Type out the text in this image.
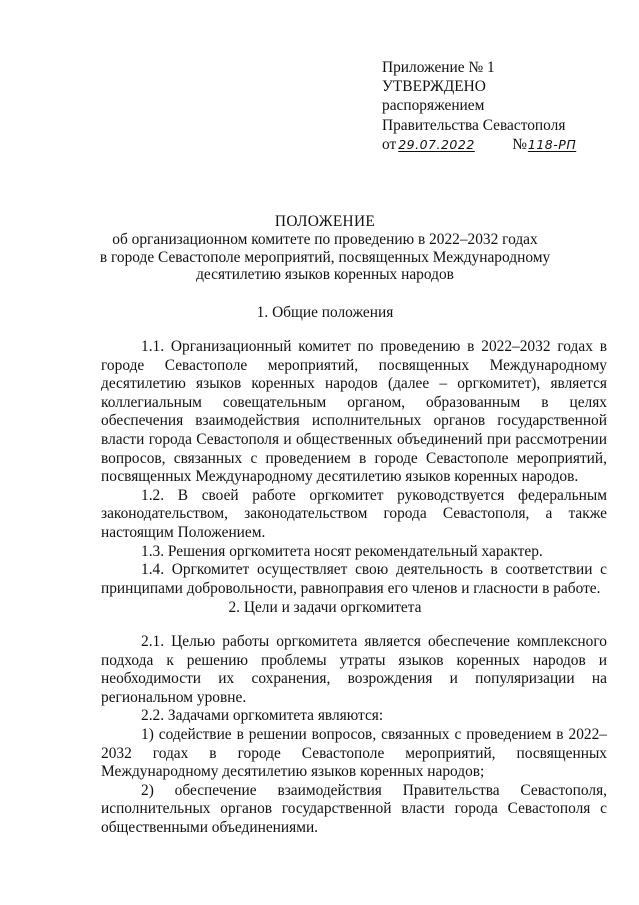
Приложение № 1
УТВЕРЖДЕНО
распоряжением
Правительства Севастополя
от 29.07.2022 №118-РП
ПОЛОЖЕНИЕ
об организационном комитете по проведению в 2022–2032 годах
в городе Севастополе мероприятий, посвященных Международному
десятилетию языков коренных народов
1. Общие положения

1.1. Организационный комитет по проведению в 2022–2032 годах в городе Севастополе мероприятий, посвященных Международному десятилетию языков коренных народов (далее – оргкомитет), является коллегиальным совещательным органом, образованным в целях обеспечения взаимодействия исполнительных органов государственной власти города Севастополя и общественных объединений при рассмотрении вопросов, связанных с проведением в городе Севастополе мероприятий, посвященных Международному десятилетию языков коренных народов.

1.2. В своей работе оргкомитет руководствуется федеральным законодательством, законодательством города Севастополя, а также настоящим Положением.

1.3. Решения оргкомитета носят рекомендательный характер.

1.4. Оргкомитет осуществляет свою деятельность в соответствии с принципами добровольности, равноправия его членов и гласности в работе.

2. Цели и задачи оргкомитета

2.1. Целью работы оргкомитета является обеспечение комплексного подхода к решению проблемы утраты языков коренных народов и необходимости их сохранения, возрождения и популяризации на региональном уровне.

2.2. Задачами оргкомитета являются:

1) содействие в решении вопросов, связанных с проведением в 2022–2032 годах в городе Севастополе мероприятий, посвященных Международному десятилетию языков коренных народов;

2) обеспечение взаимодействия Правительства Севастополя, исполнительных органов государственной власти города Севастополя с общественными объединениями.
